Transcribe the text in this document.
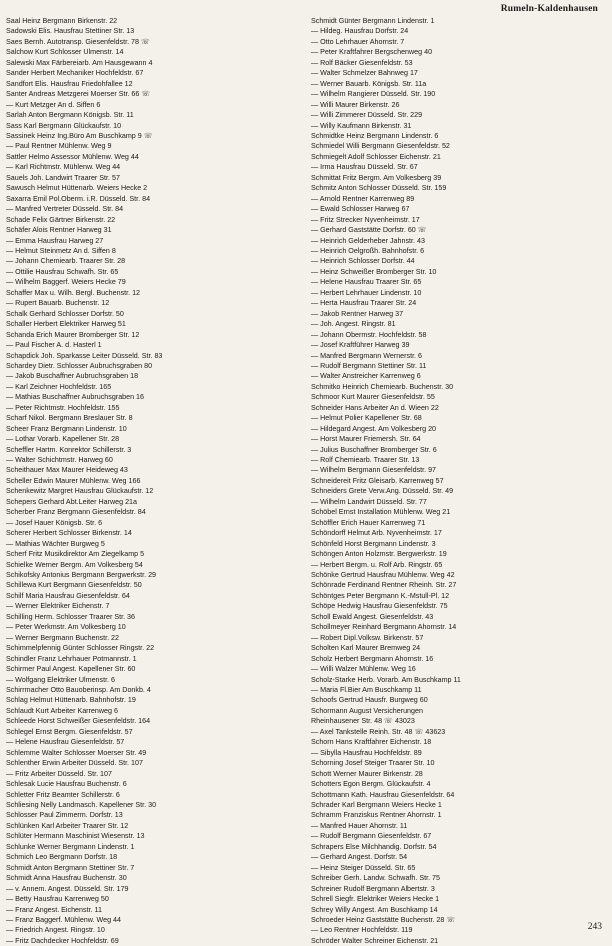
Rumeln-Kaldenhausen
Saal Heinz Bergmann Birkenstr. 22
Sadowski Elis. Hausfrau Stettiner Str. 13
Saes Bernh. Autotransp. Giesenfeldstr. 78 ☏
Salchow Kurt Schlosser Ulmenstr. 14
Salewski Max Färbereiarb. Am Hausgewann 4
Sander Herbert Mechaniker Hochfeldstr. 67
Sandfort Elis. Hausfrau Friedohfallee 12
Santer Andreas Metzgerei Moerser Str. 66 ☏
— Kurt Metzger An d. Siffen 6
Sarlah Anton Bergmann Königsb. Str. 11
Sass Karl Bergmann Glückaufstr. 10
Sassinek Heinz Ing.Büro Am Buschkamp 9 ☏
— Paul Rentner Mühlenw. Weg 9
Sattler Helmo Assessor Mühlenw. Weg 44
— Karl Richtmstr. Mühlenw. Weg 44
Sauels Joh. Landwirt Traarer Str. 57
Sawusch Helmut Hüttenarb. Weiers Hecke 2
Saxarra Emil Pol.Oberm. i.R. Düsseld. Str. 84
— Manfred Vertreter Düsseld. Str. 84
Schade Felix Gärtner Birkenstr. 22
Schäfer Alois Rentner Harweg 31
— Emma Hausfrau Harweg 27
— Helmut Steinmetz An d. Siffen 8
— Johann Chemiearb. Traarer Str. 28
— Ottilie Hausfrau Schwafh. Str. 65
— Wilhelm Baggerf. Weiers Hecke 79
Schaffer Max u. Wilh. Bergl. Buchenstr. 12
— Rupert Bauarb. Buchenstr. 12
Schalk Gerhard Schlosser Dorfstr. 50
Schaller Herbert Elektriker Harweg 51
Schanda Erich Maurer Bromberger Str. 12
— Paul Fischer A. d. Hasterl 1
Schapdick Joh. Sparkasse Leiter Düsseld. Str. 83
Schardey Dietr. Schlosser Aubruchsgraben 80
— Jakob Buschaffner Aubruchsgraben 18
— Karl Zeichner Hochfeldstr. 165
— Mathias Buschaffner Aubruchsgraben 16
— Peter Richtmstr. Hochfeldstr. 155
Scharf Nikol. Bergmann Breslauer Str. 8
Scheer Franz Bergmann Lindenstr. 10
— Lothar Vorarb. Kapellener Str. 28
Scheffler Hartm. Konrektor Schillerstr. 3
— Walter Schichtmstr. Harweg 60
Scheithauer Max Maurer Heideweg 43
Scheller Edwin Maurer Mühlenw. Weg 166
Schenkewitz Margret Hausfrau Glückaufstr. 12
Schepers Gerhard Abt.Leiter Harweg 21a
Scherber Franz Bergmann Giesenfeldstr. 84
— Josef Hauer Königsb. Str. 6
Scherer Herbert Schlosser Birkenstr. 14
— Mathias Wächter Burgweg 5
Scherf Fritz Musikdirektor Am Ziegelkamp 5
Schielke Werner Bergm. Am Volkesberg 54
Schikofsky Antonius Bergmann Bergwerkstr. 29
Schillewa Kurt Bergmann Giesenfeldstr. 50
Schilf Maria Hausfrau Giesenfeldstr. 64
— Werner Elektriker Eichenstr. 7
Schilling Herm. Schlosser Traarer Str. 36
— Peter Werkmstr. Am Volkesberg 10
— Werner Bergmann Buchenstr. 22
Schimmelpfennig Günter Schlosser Ringstr. 22
Schindler Franz Lehrhauer Potmannstr. 1
Schirmer Paul Angest. Kapellener Str. 60
— Wolfgang Elektriker Ulmenstr. 6
Schirrmacher Otto Bauoberinsp. Am Donkb. 4
Schlag Helmut Hüttenarb. Bahnhofstr. 19
Schlaudt Kurt Arbeiter Karrenweg 6
Schleede Horst Schweißer Giesenfeldstr. 164
Schlegel Ernst Bergm. Giesenfeldstr. 57
— Helene Hausfrau Giesenfeldstr. 57
Schlemme Walter Schlosser Moerser Str. 49
Schlenther Erwin Arbeiter Düsseld. Str. 107
— Fritz Arbeiter Düsseld. Str. 107
Schlesak Lucie Hausfrau Buchenstr. 6
Schletter Fritz Beamter Schillerstr. 6
Schliesing Nelly Landmasch. Kapellener Str. 30
Schlosser Paul Zimmerm. Dorfstr. 13
Schlünken Karl Arbeiter Traarer Str. 12
Schlüter Hermann Maschinist Wiesenstr. 13
Schlunke Werner Bergmann Lindenstr. 1
Schmich Leo Bergmann Dorfstr. 18
Schmidt Anton Bergmann Stettiner Str. 7
Schmidt Anna Hausfrau Buchenstr. 30
— v. Annem. Angest. Düsseld. Str. 179
— Betty Hausfrau Karrenweg 50
— Franz Angest. Eichenstr. 11
— Franz Baggerf. Mühlenw. Weg 44
— Friedrich Angest. Ringstr. 10
— Fritz Dachdecker Hochfeldstr. 69
Schmidt Günter Bergmann Lindenstr. 1
— Hildeg. Hausfrau Dorfstr. 24
— Otto Lehrhauer Ahornstr. 7
— Peter Kraftfahrer Bergschenweg 40
— Rolf Bäcker Giesenfeldstr. 53
— Walter Schmelzer Bahnweg 17
— Werner Bauarb. Königsb. Str. 11a
— Wilhelm Rangierer Düsseld. Str. 190
— Willi Maurer Birkenstr. 26
— Willi Zimmerer Düsseld. Str. 229
— Willy Kaufmann Birkenstr. 31
Schmidtke Heinz Bergmann Lindenstr. 6
Schmiedel Willi Bergmann Giesenfeldstr. 52
Schmiegelt Adolf Schlosser Eichenstr. 21
— Irma Hausfrau Düsseld. Str. 67
Schmittat Fritz Bergm. Am Volkesberg 39
Schmitz Anton Schlosser Düsseld. Str. 159
— Arnold Rentner Karrenweg 89
— Ewald Schlosser Harweg 67
— Fritz Strecker Nyvenheimstr. 17
— Gerhard Gaststätte Dorfstr. 60 ☏
— Heinrich Gelderheber Jahnstr. 43
— Heinrich Oelgroßh. Bahnhofstr. 6
— Heinrich Schlosser Dorfstr. 44
— Heinz Schweißer Bromberger Str. 10
— Helene Hausfrau Traarer Str. 65
— Herbert Lehrhauer Lindenstr. 10
— Herta Hausfrau Traarer Str. 24
— Jakob Rentner Harweg 37
— Joh. Angest. Ringstr. 81
— Johann Obermstr. Hochfeldstr. 58
— Josef Kraftführer Harweg 39
— Manfred Bergmann Wernerstr. 6
— Rudolf Bergmann Stettiner Str. 11
— Walter Anstreicher Karrenweg 6
Schmitko Heinrich Chemiearb. Buchenstr. 30
Schmoor Kurt Maurer Giesenfeldstr. 55
Schneider Hans Arbeiter An d. Wieen 22
— Helmut Polier Kapellener Str. 68
— Hildegard Angest. Am Volkesberg 20
— Horst Maurer Friemersh. Str. 64
— Julius Buschaffner Bromberger Str. 6
— Rolf Chemiearb. Traarer Str. 13
— Wilhelm Bergmann Giesenfeldstr. 97
Schneidereit Fritz Gleisarb. Karrenweg 57
Schneiders Grete Verw.Ang. Düsseld. Str. 49
— Wilhelm Landwirt Düsseld. Str. 77
Schöbel Ernst Installation Mühlenw. Weg 21
Schöffler Erich Hauer Karrenweg 71
Schöndorff Helmut Arb. Nyvenheimstr. 17
Schönfeld Horst Bergmann Lindenstr. 3
Schöngen Anton Holzmstr. Bergwerkstr. 19
— Herbert Bergm. u. Rolf Arb. Ringstr. 65
Schönke Gertrud Hausfrau Mühlenw. Weg 42
Schönrade Ferdinand Rentner Rheinh. Str. 27
Schöntges Peter Bergmann K.-Mstull-Pl. 12
Schöpe Hedwig Hausfrau Giesenfeldstr. 75
Scholl Ewald Angest. Giesenfeldstr. 43
Schollmeyer Reinhard Bergmann Ahornstr. 14
— Robert Dipl.Volksw. Birkenstr. 57
Scholten Karl Maurer Bremweg 24
Scholz Herbert Bergmann Ahornstr. 16
— Willi Walzer Mühlenw. Weg 16
Scholz-Starke Herb. Vorarb. Am Buschkamp 11
— Maria Fl.Bier Am Buschkamp 11
Schoofs Gertrud Hausfr. Burgweg 60
Schormann August Versicherungen
Rheinhausener Str. 48 ☏ 43023
— Axel Tankstelle Reinh. Str. 48 ☏ 43623
Schorn Hans Kraftfahrer Eichenstr. 18
— Sibylla Hausfrau Hochfeldstr. 89
Schorning Josef Steiger Traarer Str. 10
Schott Werner Maurer Birkenstr. 28
Schotters Egon Bergm. Glückaufstr. 4
Schottmann Kath. Hausfrau Giesenfeldstr. 64
Schrader Karl Bergmann Weiers Hecke 1
Schramm Franziskus Rentner Ahornstr. 1
— Manfred Hauer Ahornstr. 11
— Rudolf Bergmann Giesenfeldstr. 67
Schrapers Else Milchhandig. Dorfstr. 54
— Gerhard Angest. Dorfstr. 54
— Heinz Steiger Düsseld. Str. 65
Schreiber Gerh. Landw. Schwafh. Str. 75
Schreiner Rudolf Bergmann Albertstr. 3
Schrell Siegfr. Elektriker Weiers Hecke 1
Schrey Willy Angest. Am Buschkamp 14
Schroeder Heinz Gaststätte Buchenstr. 28 ☏
— Leo Rentner Hochfeldstr. 119
Schröder Walter Schreiner Eichenstr. 21
243
